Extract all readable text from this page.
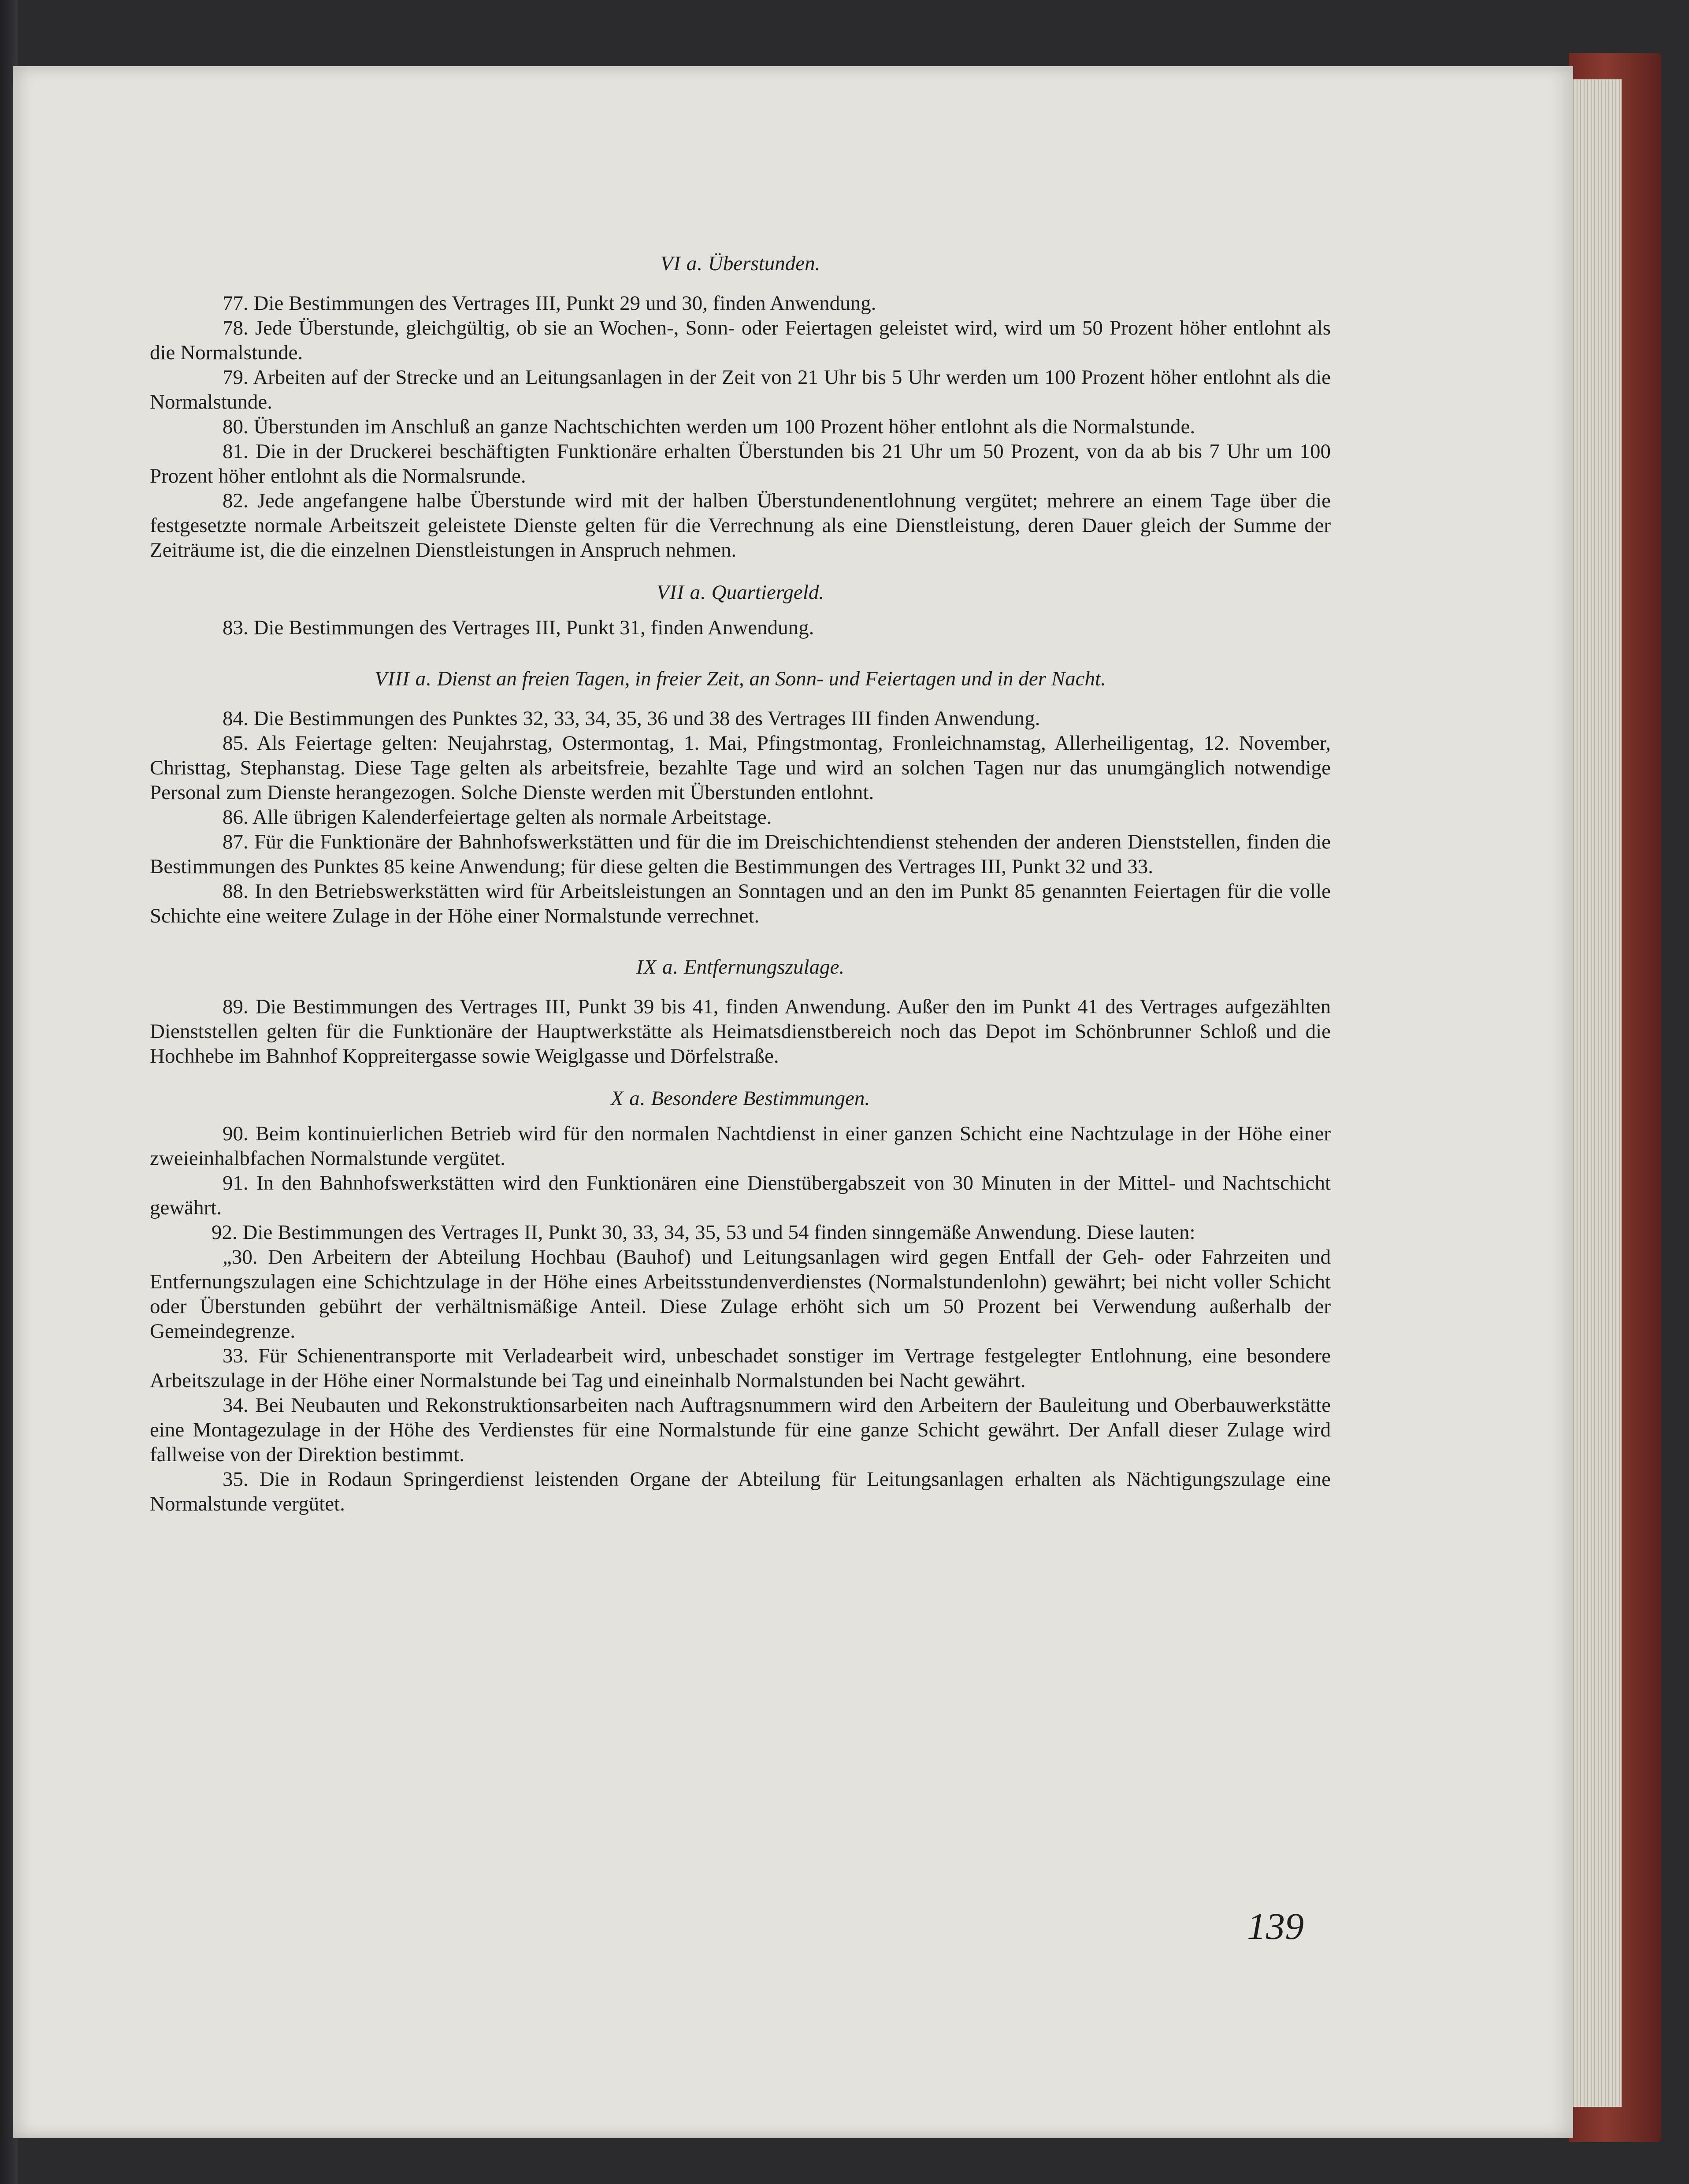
VI a. Überstunden.

77. Die Bestimmungen des Vertrages III, Punkt 29 und 30, finden Anwendung.

78. Jede Überstunde, gleichgültig, ob sie an Wochen-, Sonn- oder Feiertagen geleistet wird, wird um 50 Prozent höher entlohnt als die Normalstunde.

79. Arbeiten auf der Strecke und an Leitungsanlagen in der Zeit von 21 Uhr bis 5 Uhr werden um 100 Prozent höher entlohnt als die Normalstunde.

80. Überstunden im Anschluß an ganze Nachtschichten werden um 100 Prozent höher entlohnt als die Normalstunde.

81. Die in der Druckerei beschäftigten Funktionäre erhalten Überstunden bis 21 Uhr um 50 Prozent, von da ab bis 7 Uhr um 100 Prozent höher entlohnt als die Normalsrunde.

82. Jede angefangene halbe Überstunde wird mit der halben Überstundenentlohnung vergütet; mehrere an einem Tage über die festgesetzte normale Arbeitszeit geleistete Dienste gelten für die Verrechnung als eine Dienstleistung, deren Dauer gleich der Summe der Zeiträume ist, die die einzelnen Dienstleistungen in Anspruch nehmen.

VII a. Quartiergeld.

83. Die Bestimmungen des Vertrages III, Punkt 31, finden Anwendung.

VIII a. Dienst an freien Tagen, in freier Zeit, an Sonn- und Feiertagen und in der Nacht.

84. Die Bestimmungen des Punktes 32, 33, 34, 35, 36 und 38 des Vertrages III finden Anwendung.

85. Als Feiertage gelten: Neujahrstag, Ostermontag, 1. Mai, Pfingstmontag, Fronleichnamstag, Allerheiligentag, 12. November, Christtag, Stephanstag. Diese Tage gelten als arbeitsfreie, bezahlte Tage und wird an solchen Tagen nur das unumgänglich notwendige Personal zum Dienste herangezogen. Solche Dienste werden mit Überstunden entlohnt.

86. Alle übrigen Kalenderfeiertage gelten als normale Arbeitstage.

87. Für die Funktionäre der Bahnhofswerkstätten und für die im Dreischichtendienst stehenden der anderen Dienststellen, finden die Bestimmungen des Punktes 85 keine Anwendung; für diese gelten die Bestimmungen des Vertrages III, Punkt 32 und 33.

88. In den Betriebswerkstätten wird für Arbeitsleistungen an Sonntagen und an den im Punkt 85 genannten Feiertagen für die volle Schichte eine weitere Zulage in der Höhe einer Normalstunde verrechnet.

IX a. Entfernungszulage.

89. Die Bestimmungen des Vertrages III, Punkt 39 bis 41, finden Anwendung. Außer den im Punkt 41 des Vertrages aufgezählten Dienststellen gelten für die Funktionäre der Hauptwerkstätte als Heimatsdienstbereich noch das Depot im Schönbrunner Schloß und die Hochhebe im Bahnhof Koppreitergasse sowie Weiglgasse und Dörfelstraße.

X a. Besondere Bestimmungen.

90. Beim kontinuierlichen Betrieb wird für den normalen Nachtdienst in einer ganzen Schicht eine Nachtzulage in der Höhe einer zweieinhalbfachen Normalstunde vergütet.

91. In den Bahnhofswerkstätten wird den Funktionären eine Dienstübergabszeit von 30 Minuten in der Mittel- und Nachtschicht gewährt.

92. Die Bestimmungen des Vertrages II, Punkt 30, 33, 34, 35, 53 und 54 finden sinngemäße Anwendung. Diese lauten:

„30. Den Arbeitern der Abteilung Hochbau (Bauhof) und Leitungsanlagen wird gegen Entfall der Geh- oder Fahrzeiten und Entfernungszulagen eine Schichtzulage in der Höhe eines Arbeitsstundenverdienstes (Normalstundenlohn) gewährt; bei nicht voller Schicht oder Überstunden gebührt der verhältnismäßige Anteil. Diese Zulage erhöht sich um 50 Prozent bei Verwendung außerhalb der Gemeindegrenze.

33. Für Schienentransporte mit Verladearbeit wird, unbeschadet sonstiger im Vertrage festgelegter Entlohnung, eine besondere Arbeitszulage in der Höhe einer Normalstunde bei Tag und eineinhalb Normalstunden bei Nacht gewährt.

34. Bei Neubauten und Rekonstruktionsarbeiten nach Auftragsnummern wird den Arbeitern der Bauleitung und Oberbauwerkstätte eine Montagezulage in der Höhe des Verdienstes für eine Normalstunde für eine ganze Schicht gewährt. Der Anfall dieser Zulage wird fallweise von der Direktion bestimmt.

35. Die in Rodaun Springerdienst leistenden Organe der Abteilung für Leitungsanlagen erhalten als Nächtigungszulage eine Normalstunde vergütet.

139
